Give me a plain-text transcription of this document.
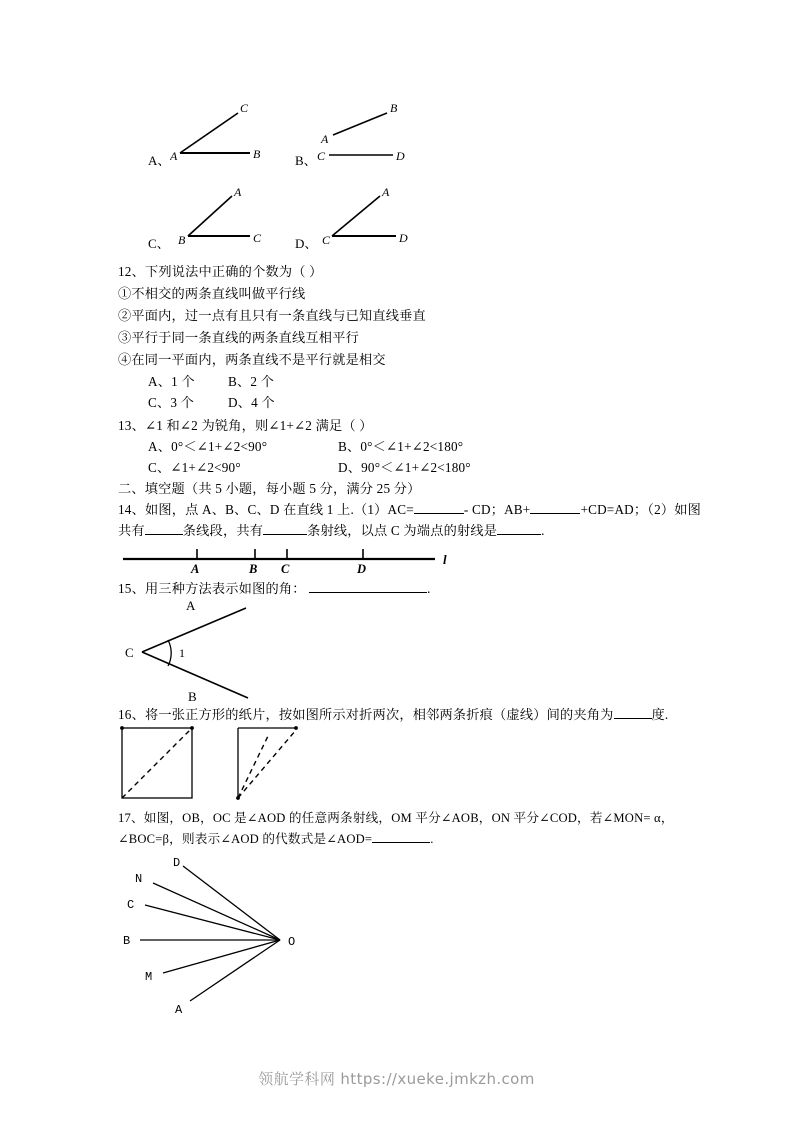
A、 A	B
C
B、
A
B
C	D
C、 B	C
A
D、 C	D
A
12、下列说法中正确的个数为（ ）
①不相交的两条直线叫做平行线
②平面内，过一点有且只有一条直线与已知直线垂直
③平行于同一条直线的两条直线互相平行
④在同一平面内，两条直线不是平行就是相交
A、1 个	B、2 个
C、3 个	D、4 个
13、∠1 和∠2 为锐角，则∠1+∠2 满足（ ）
A、0°＜∠1+∠2<90°	B、0°＜∠1+∠2<180°
C、∠1+∠2<90°	D、90°＜∠1+∠2<180°
二、填空题（共 5 小题，每小题 5 分，满分 25 分）
14、如图，点 A、B、C、D 在直线 1 上.（1）AC=	- CD；AB+	+CD=AD；（2）如图
共有	条线段，共有	条射线，以点 C 为端点的射线是	.
A	B C	D
l
15、用三种方法表示如图的角：	.
C	1
A
B
16、将一张正方形的纸片，按如图所示对折两次，相邻两条折痕（虚线）间的夹角为	度.
17、如图，OB，OC 是∠AOD 的任意两条射线，OM 平分∠AOB，ON 平分∠COD，若∠MON= α，
∠BOC=β，则表示∠AOD 的代数式是∠AOD=	.
D
N
C
B
M
A
O
领航学科网 https://xueke.jmkzh.com
